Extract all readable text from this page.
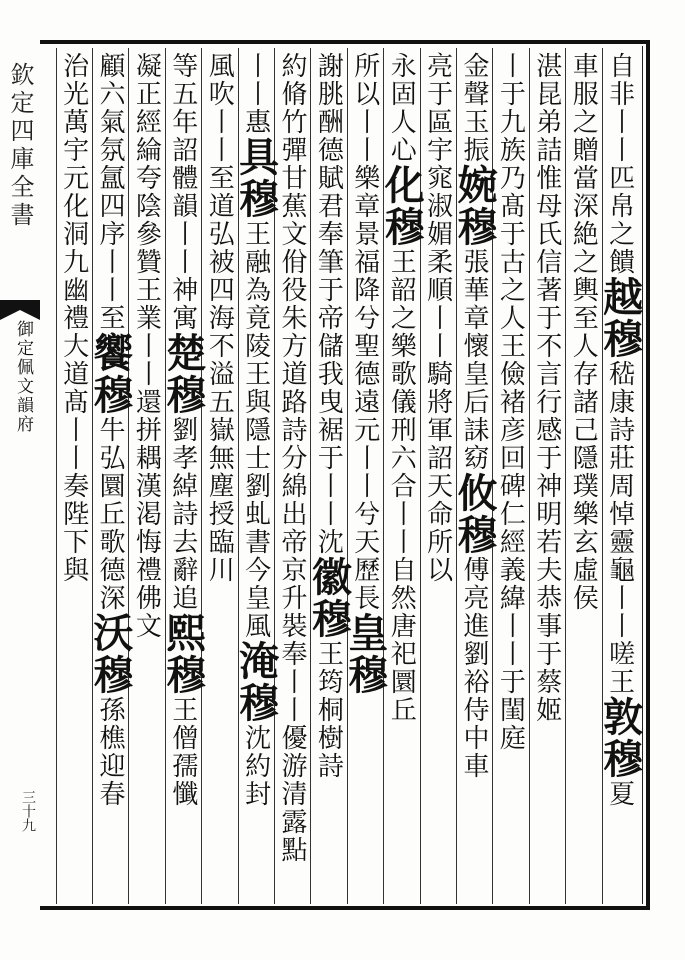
欽定四庫全書
御定佩文韻府
三十九
自非丨丨匹帛之饋越穆嵇康詩莊周悼靈龜丨丨嗟王敦穆夏
車服之贈當深絶之輿至人存諸己隱璞樂玄虛侯
湛昆弟詰惟母氏信著于不言行感于神明若夫恭事于蔡姬
丨于九族乃髙于古之人王儉褚彦回碑仁經義緯丨丨于閨庭
金聲玉振婉穆張華章懷皇后誄窈攸穆傅亮進劉裕侍中車
亮于區宇窕淑媚柔順丨丨騎將軍詔天命所以
永固人心化穆王韶之樂歌儀刑六合丨丨自然唐祀圜丘
所以丨丨樂章景福降兮聖德遠元丨丨兮天歷長皇穆
謝朓酬德賦君奉筆于帝儲我曳裾于丨丨沈徽穆王筠桐樹詩
約脩竹彈甘蕉文佾役朱方道路詩分綿出帝京升裝奉丨丨優游清露點
丨丨惠具穆王融為竟陵王與隱士劉虬書今皇風淹穆沈約封
風吹丨丨至道弘被四海不溢五嶽無塵授臨川
等五年詔體韻丨丨神寓楚穆劉孝綽詩去辭追熙穆王僧孺懺
凝正經綸夸陰參贊王業丨丨還拼耦漢渇悔禮佛文
顧六氣氛氲四序丨丨至饗穆牛弘圜丘歌德深沃穆孫樵迎春
治光萬宇元化洞九幽禮大道髙丨丨奏陛下與
